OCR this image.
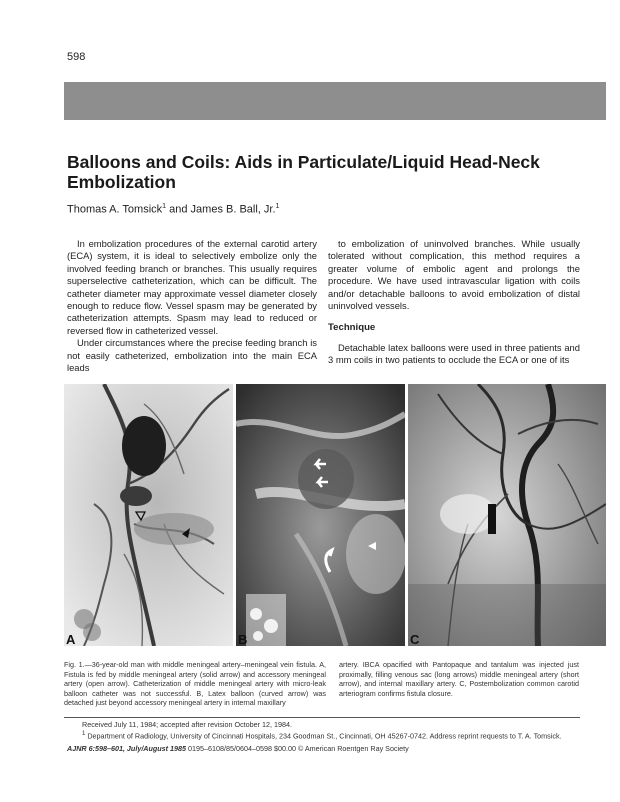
598
Balloons and Coils: Aids in Particulate/Liquid Head-Neck Embolization
Thomas A. Tomsick$^1$ and James B. Ball, Jr.$^1$

In embolization procedures of the external carotid artery (ECA) system, it is ideal to selectively embolize only the involved feeding branch or branches. This usually requires superselective catheterization, which can be difficult. The catheter diameter may approximate vessel diameter closely enough to reduce flow. Vessel spasm may be generated by catheterization attempts. Spasm may lead to reduced or reversed flow in catheterized vessel.

Under circumstances where the precise feeding branch is not easily catheterized, embolization into the main ECA leads

to embolization of uninvolved branches. While usually tolerated without complication, this method requires a greater volume of embolic agent and prolongs the procedure. We have used intravascular ligation with coils and/or detachable balloons to avoid embolization of distal uninvolved vessels.

Technique

Detachable latex balloons were used in three patients and 3 mm coils in two patients to occlude the ECA or one of its

A	B	C
Fig. 1.—36-year-old man with middle meningeal artery–meningeal vein fistula. A, Fistula is fed by middle meningeal artery (solid arrow) and accessory meningeal artery (open arrow). Catheterization of middle meningeal artery with micro-leak balloon catheter was not successful. B, Latex balloon (curved arrow) was detached just beyond accessory meningeal artery in internal maxillary
artery. IBCA opacified with Pantopaque and tantalum was injected just proximally, filling venous sac (long arrows) middle meningeal artery (short arrow), and internal maxillary artery. C, Postembolization common carotid arteriogram confirms fistula closure.

Received July 11, 1984; accepted after revision October 12, 1984.

$^1$ Department of Radiology, University of Cincinnati Hospitals, 234 Goodman St., Cincinnati, OH 45267-0742. Address reprint requests to T. A. Tomsick.

AJNR 6:598–601, July/August 1985 0195–6108/85/0604–0598 $00.00 © American Roentgen Ray Society
